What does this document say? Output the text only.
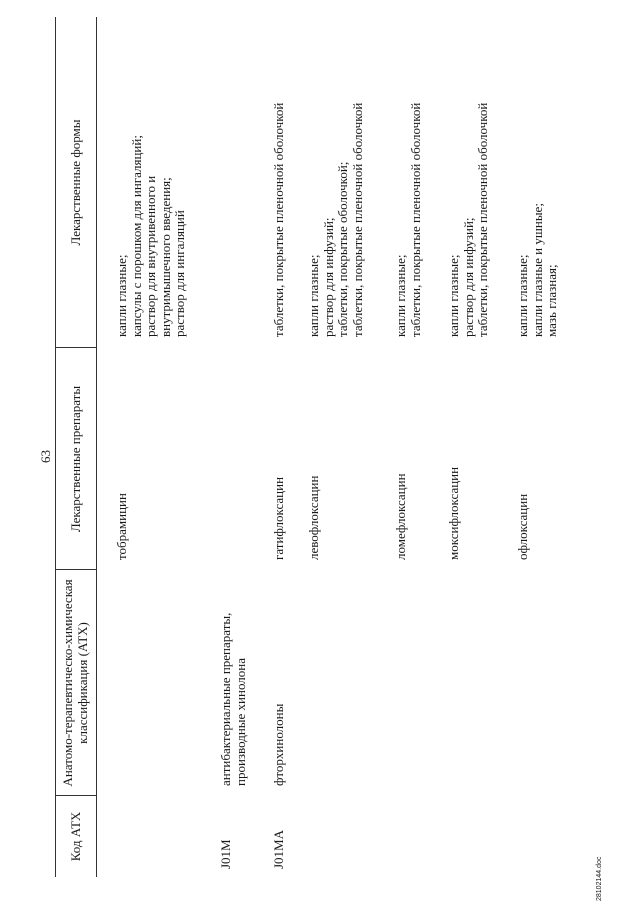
63
Код АТХ
Анатомо-терапевтическо-химическая классификация (АТХ)
Лекарственные препараты
Лекарственные формы
тобрамицин
капли глазные; капсулы с порошком для ингаляций; раствор для внутривенного и внутримышечного введения; раствор для ингаляций
J01M
антибактериальные препараты, производные хинолона
J01MA
фторхинолоны
гатифлоксацин
таблетки, покрытые пленочной оболочкой
левофлоксацин
капли глазные; раствор для инфузий; таблетки, покрытые оболочкой; таблетки, покрытые пленочной оболочкой
ломефлоксацин
капли глазные; таблетки, покрытые пленочной оболочкой
моксифлоксацин
капли глазные; раствор для инфузий; таблетки, покрытые пленочной оболочкой
офлоксацин
капли глазные; капли глазные и ушные; мазь глазная;
28102144.doc
